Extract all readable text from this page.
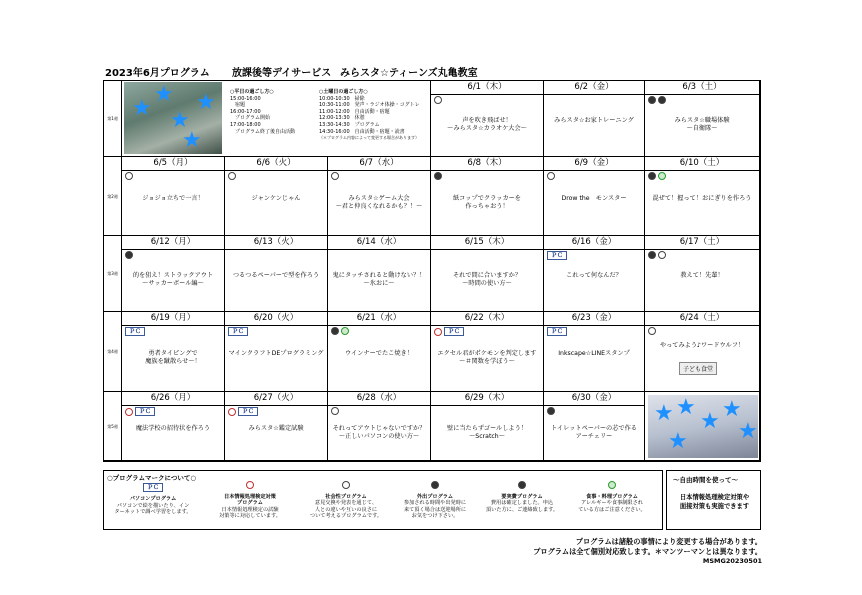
2023年6月プログラム 放課後等デイサービス みらスタ☆ティーンズ丸亀教室
第1週 ★
★
★
★
★
○平日の過ごし方○
15:00-16:00
　宿題
16:00-17:00
　プログラム開始
17:00-18:00
　プログラム終了後自由活動
○土曜日の過ごし方○
10:00-10:30　掃除
10:30-11:00　発声・ラジオ体操・コグトレ
11:00-12:00　自由活動・宿題
12:00-13:30　休憩
13:30-14:30　プログラム
14:30-16:00　自由活動・宿題・読書
（＊プログラム内容によって変更する場合があります）
6/1（木）
声を吹き飛ばせ！
～みらスタ☆カラオケ大会～
6/2（金）
みらスタ☆お家トレーニング
6/3（土）
みらスタ☆職場体験
～自衛隊～
第2週
6/5（月）
ジョジョ立ちで一言！
6/6（火）
ジャンケンじゃん
6/7（水）
みらスタ☆ゲーム大会
～君と仲良くなれるかも？！～
6/8（木）
紙コップでクラッカーを
作っちゃおう！
6/9（金）
Drow the　モンスター
6/10（土）
混ぜて！握って！おにぎりを作ろう
第3週
6/12（月）
的を狙え！ストラックアウト
～サッカーボール編～
6/13（火）
つるつるペーパーで型を作ろう
6/14（水）
鬼にタッチされると動けない？！
～氷おに～
6/15（木）
それで間に合いますか？
～時間の使い方～
6/16（金）
ＰＣ
これって何なんだ？
6/17（土）
教えて！先輩！
第4週
6/19（月）
ＰＣ
勇者タイピングで
魔族を蹴散らせ～！
6/20（火）
ＰＣ
マインクラフトDEプログラミング
6/21（水）
ウインナーでたこ焼き！
6/22（木）
ＰＣ
エクセル君がポケモンを判定します
～＃関数を学ぼう～
6/23（金）
ＰＣ
Inkscape☆LINEスタンプ
6/24（土）
やってみよう♪ワードウルフ！
子ども食堂
第5週
6/26（月）
ＰＣ
魔法学校の招待状を作ろう
6/27（火）
ＰＣ
みらスタ☆鑑定試験
6/28（水）
それってアウトじゃないですか？
～正しいパソコンの使い方～
6/29（木）
壁に当たらずゴールしよう！
～Scratch～
6/30（金）
トイレットペーパーの芯で作る
アーチェリー
★ ★
★ ★
★
★
○プログラムマークについて○
ＰＣ
パソコンプログラム
パソコンで絵を描いたり、イン
ターネットで調べ学習をします。
日本情報処理検定対策
プログラム
日本情報処理検定の試験
対策等に対応しています。
社会性プログラム
意見交換や発表を通じて、
人との違いや互いの良さに
ついて考えるプログラムです。
外出プログラム
参加される時間や出発時に
来て頂く場合は送迎場所に
お気をつけ下さい。
要実費プログラム
費用は確定しました。申込
頂いた方に、ご連絡致します。
食事・料理プログラム
アレルギーや食事制限され
ている方はご注意ください。
～自由時間を使って～
日本情報処理検定対策や
面接対策も実施できます
プログラムは諸般の事情により変更する場合があります。
プログラムは全て個別対応致します。＊マンツーマンとは異なります。
MSMG20230501
